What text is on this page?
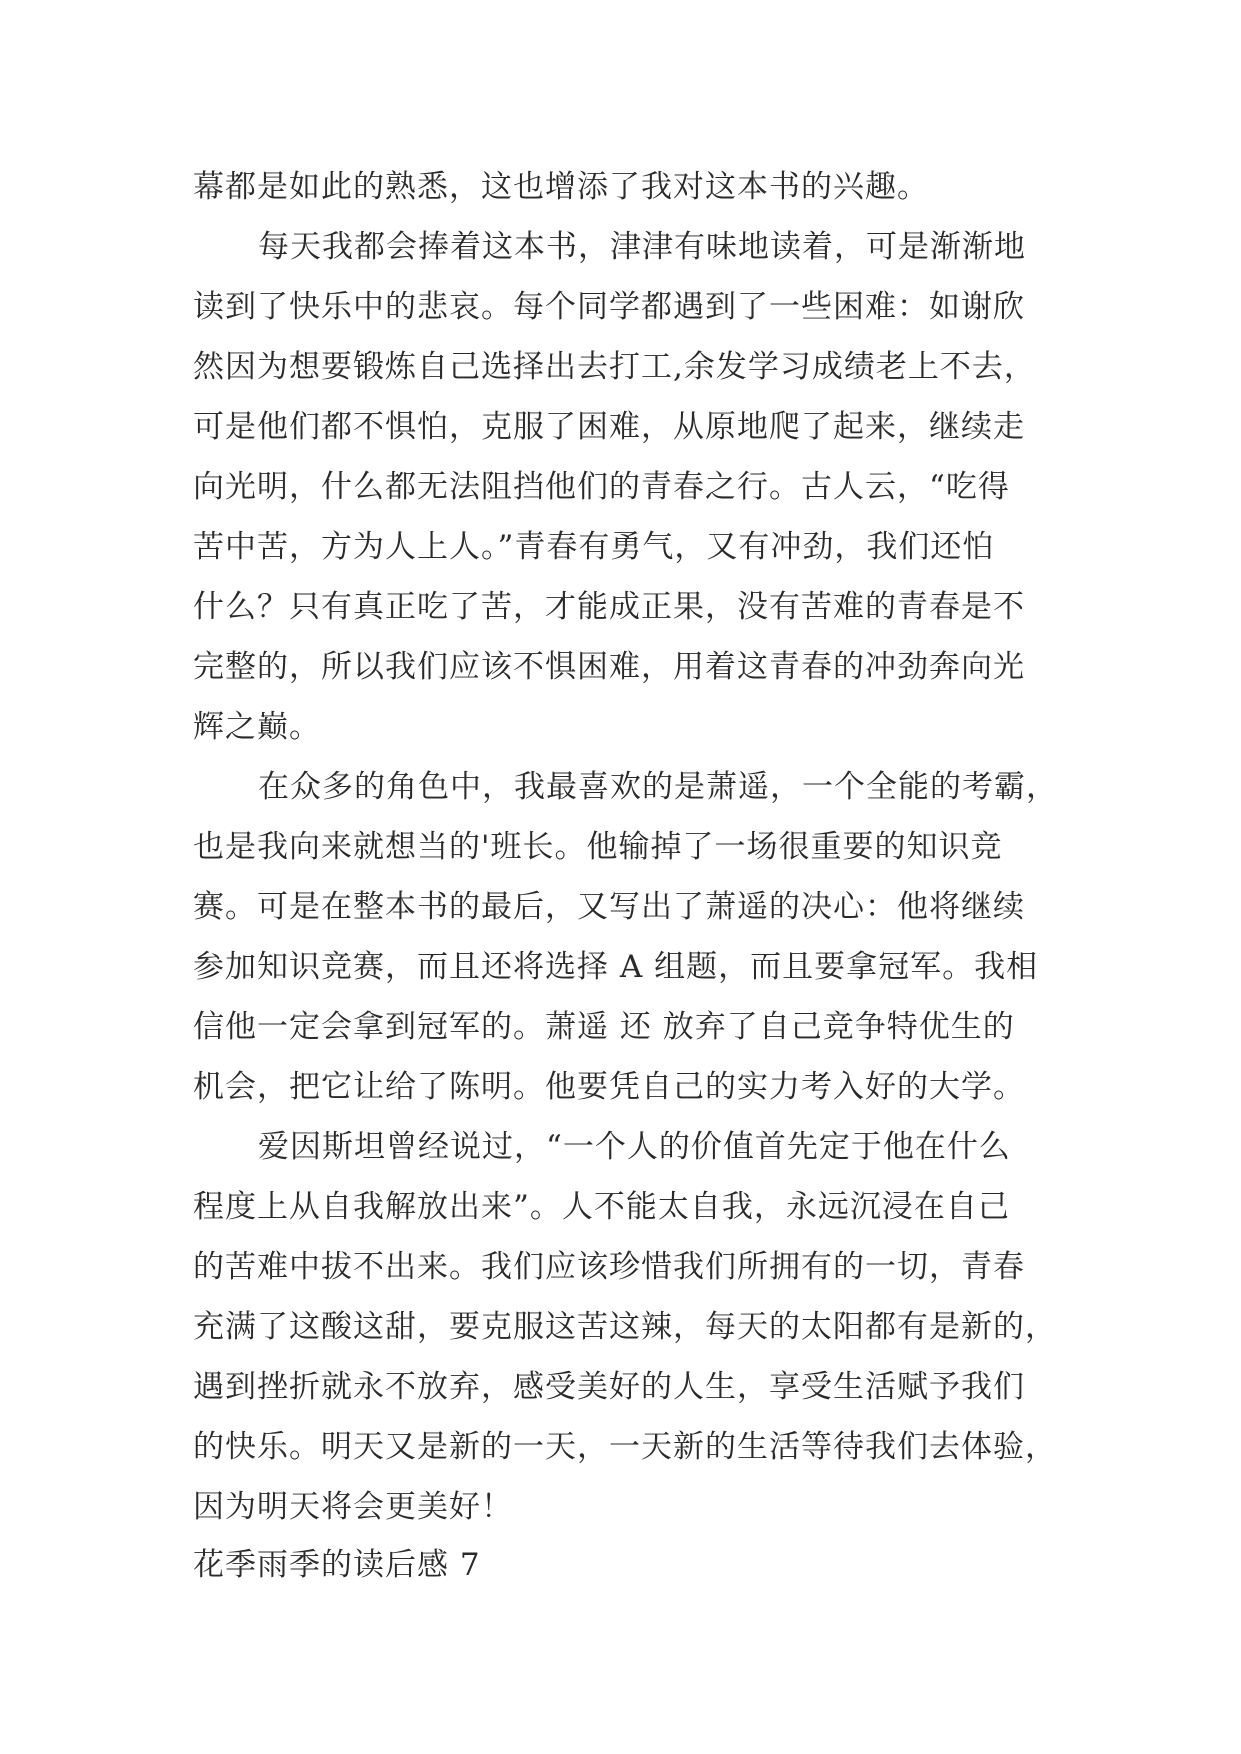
幕都是如此的熟悉，这也增添了我对这本书的兴趣。
每天我都会捧着这本书，津津有味地读着，可是渐渐地
读到了快乐中的悲哀。每个同学都遇到了一些困难：如谢欣
然因为想要锻炼自己选择出去打工,余发学习成绩老上不去，
可是他们都不惧怕，克服了困难，从原地爬了起来，继续走
向光明，什么都无法阻挡他们的青春之行。古人云，“吃得
苦中苦，方为人上人。”青春有勇气，又有冲劲，我们还怕
什么？只有真正吃了苦，才能成正果，没有苦难的青春是不
完整的，所以我们应该不惧困难，用着这青春的冲劲奔向光
辉之巅。
在众多的角色中，我最喜欢的是萧遥，一个全能的考霸，
也是我向来就想当的'班长。他输掉了一场很重要的知识竞
赛。可是在整本书的最后，又写出了萧遥的决心：他将继续
参加知识竞赛，而且还将选择 A 组题，而且要拿冠军。我相
信他一定会拿到冠军的。萧遥 还 放弃了自己竞争特优生的
机会，把它让给了陈明。他要凭自己的实力考入好的大学。
爱因斯坦曾经说过，“一个人的价值首先定于他在什么
程度上从自我解放出来”。人不能太自我，永远沉浸在自己
的苦难中拔不出来。我们应该珍惜我们所拥有的一切，青春
充满了这酸这甜，要克服这苦这辣，每天的太阳都有是新的，
遇到挫折就永不放弃，感受美好的人生，享受生活赋予我们
的快乐。明天又是新的一天，一天新的生活等待我们去体验，
因为明天将会更美好！
花季雨季的读后感 7
